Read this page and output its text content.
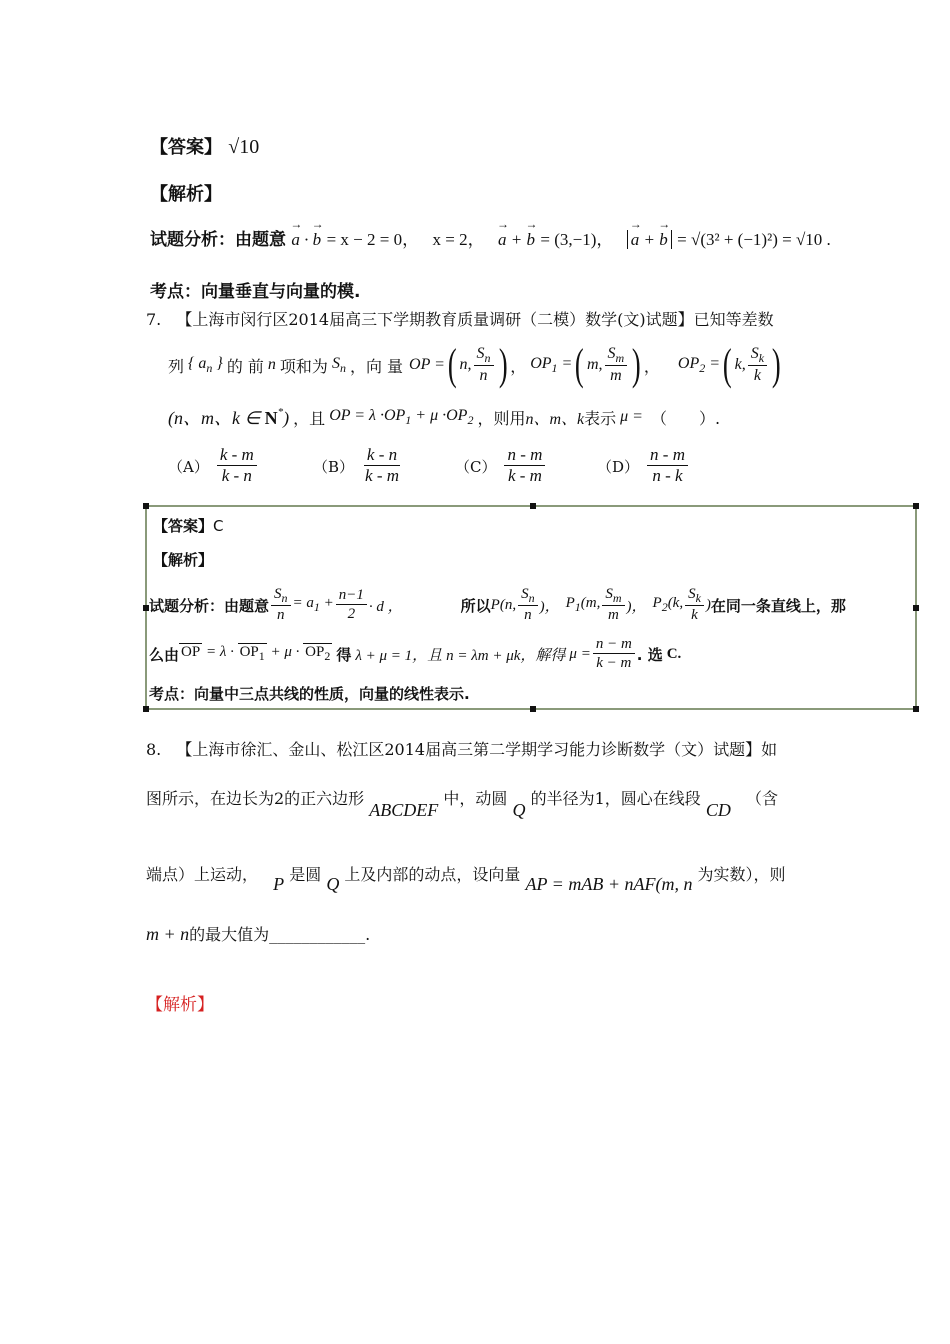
【答案】 √10
【解析】
试题分析：由题意 → a · → b = x − 2 = 0， x = 2， → a + → b = (3,−1)， → a + → b = √(3² + (−1)²) = √10 .
考点：向量垂直与向量的模.
7. 【上海市闵行区2014届高三下学期教育质量调研（二模）数学(文)试题】已知等差数
列 { $a_n$ } 的 前 n 项和为 $S_n$ ，向 量 OP = ( n, $\frac{S_n}{n}$ ) ， $OP_1$ = ( m, $\frac{S_m}{m}$ ) ， $OP_2$ = ( k, $\frac{S_k}{k}$ )
(n、m、k ∈ N*) ，且 OP = $\lambda \cdot OP_1 + \mu \cdot OP_2$ ，则用 n、m、k 表示 μ = （　　）.
$(A) \frac{k - m}{k - n}$	$(B) \frac{k - n}{k - m}$	$(C) \frac{n - m}{k - m}$	$(D) \frac{n - m}{n - k}$
【答案】C
【解析】
试题分析：由题意 $\frac{S_n}{n} = a_1 + \frac{n-1}{2} \cdot d$ ，	所以 P(n, $\frac{S_n}{n}$ )， $P_1(m$, $\frac{S_m}{m}$ )， $P_2(k$, $\frac{S_k}{k}$ ) 在同一条直线上，那
么由 OP = $\lambda \cdot OP_1 + \mu \cdot OP_2$ 得 λ + μ = 1，且 n = λm + μk，解得 $\mu = \frac{n - m}{k - m}$ . 选 C.
考点：向量中三点共线的性质，向量的线性表示.
8. 【上海市徐汇、金山、松江区2014届高三第二学期学习能力诊断数学（文）试题】如
图所示，在边长为2的正六边形 ABCDEF 中，动圆 Q 的半径为1，圆心在线段 CD （含
端点）上运动， P 是圆 Q 上及内部的动点，设向量 AP = mAB + nAF(m, n 为实数），则
m + n的最大值为____________.
【解析】
